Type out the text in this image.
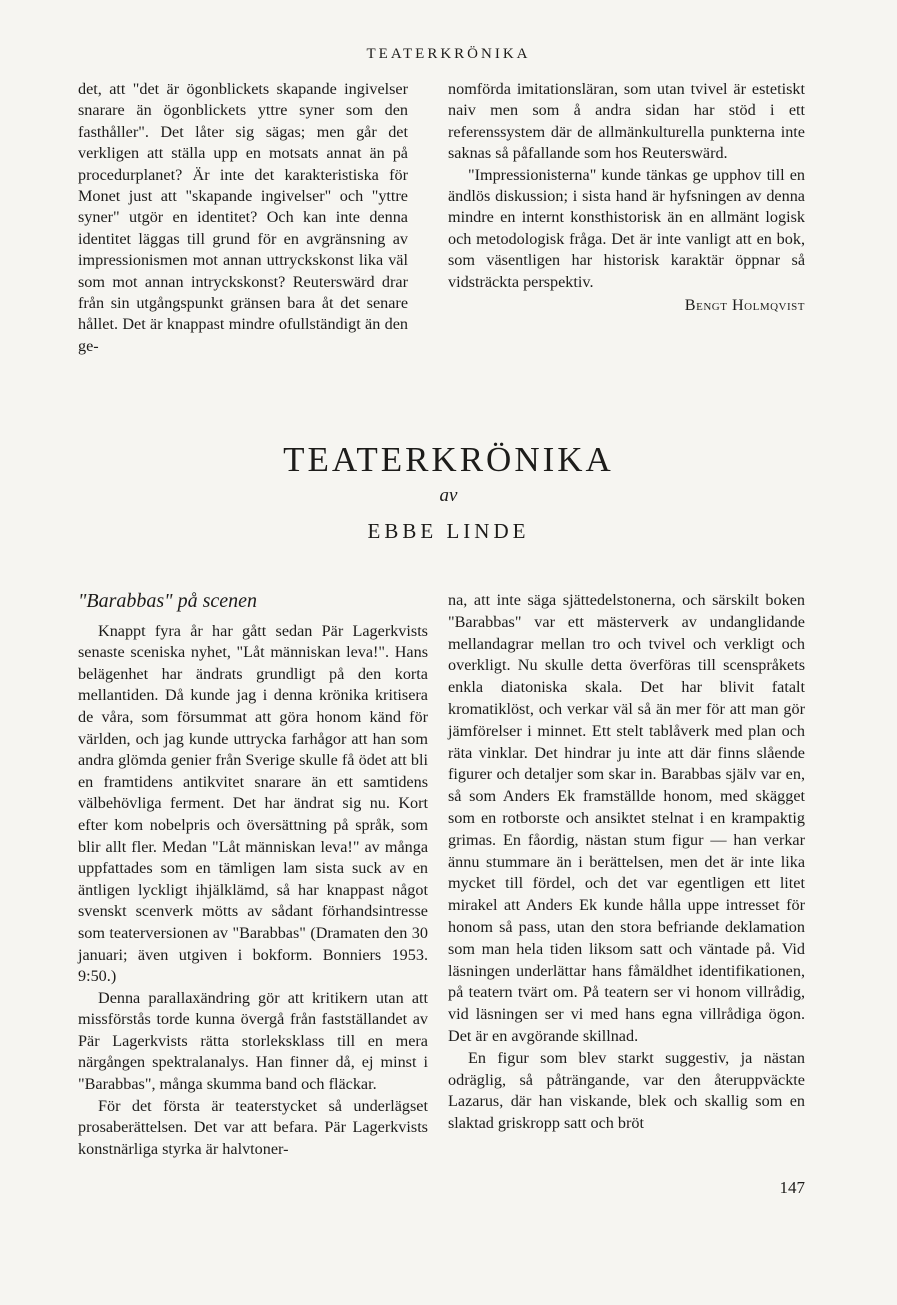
TEATERKRÖNIKA

det, att "det är ögonblickets skapande ingivelser snarare än ögonblickets yttre syner som den fasthåller". Det låter sig sägas; men går det verkligen att ställa upp en motsats annat än på procedurplanet? Är inte det karakteristiska för Monet just att "skapande ingivelser" och "yttre syner" utgör en identitet? Och kan inte denna identitet läggas till grund för en avgränsning av impressionismen mot annan uttryckskonst lika väl som mot annan intryckskonst? Reuterswärd drar från sin utgångspunkt gränsen bara åt det senare hållet. Det är knappast mindre ofullständigt än den ge-

nomförda imitationsläran, som utan tvivel är estetiskt naiv men som å andra sidan har stöd i ett referenssystem där de allmänkulturella punkterna inte saknas så påfallande som hos Reuterswärd.

"Impressionisterna" kunde tänkas ge upphov till en ändlös diskussion; i sista hand är hyfsningen av denna mindre en internt konsthistorisk än en allmänt logisk och metodologisk fråga. Det är inte vanligt att en bok, som väsentligen har historisk karaktär öppnar så vidsträckta perspektiv.

Bengt Holmqvist
TEATERKRÖNIKA
av
EBBE LINDE

"Barabbas" på scenen

Knappt fyra år har gått sedan Pär Lagerkvists senaste sceniska nyhet, "Låt människan leva!". Hans belägenhet har ändrats grundligt på den korta mellantiden. Då kunde jag i denna krönika kritisera de våra, som försummat att göra honom känd för världen, och jag kunde uttrycka farhågor att han som andra glömda genier från Sverige skulle få ödet att bli en framtidens antikvitet snarare än ett samtidens välbehövliga ferment. Det har ändrat sig nu. Kort efter kom nobelpris och översättning på språk, som blir allt fler. Medan "Låt människan leva!" av många uppfattades som en tämligen lam sista suck av en äntligen lyckligt ihjälklämd, så har knappast något svenskt scenverk mötts av sådant förhandsintresse som teaterversionen av "Barabbas" (Dramaten den 30 januari; även utgiven i bokform. Bonniers 1953. 9:50.)

Denna parallaxändring gör att kritikern utan att missförstås torde kunna övergå från fastställandet av Pär Lagerkvists rätta storleksklass till en mera närgången spektralanalys. Han finner då, ej minst i "Barabbas", många skumma band och fläckar.

För det första är teaterstycket så underlägset prosaberättelsen. Det var att befara. Pär Lagerkvists konstnärliga styrka är halvtoner-

na, att inte säga sjättedelstonerna, och särskilt boken "Barabbas" var ett mästerverk av undanglidande mellandagrar mellan tro och tvivel och verkligt och overkligt. Nu skulle detta överföras till scenspråkets enkla diatoniska skala. Det har blivit fatalt kromatiklöst, och verkar väl så än mer för att man gör jämförelser i minnet. Ett stelt tablåverk med plan och räta vinklar. Det hindrar ju inte att där finns slående figurer och detaljer som skar in. Barabbas själv var en, så som Anders Ek framställde honom, med skägget som en rotborste och ansiktet stelnat i en krampaktig grimas. En fåordig, nästan stum figur — han verkar ännu stummare än i berättelsen, men det är inte lika mycket till fördel, och det var egentligen ett litet mirakel att Anders Ek kunde hålla uppe intresset för honom så pass, utan den stora befriande deklamation som man hela tiden liksom satt och väntade på. Vid läsningen underlättar hans fåmäldhet identifikationen, på teatern tvärt om. På teatern ser vi honom villrådig, vid läsningen ser vi med hans egna villrådiga ögon. Det är en avgörande skillnad.

En figur som blev starkt suggestiv, ja nästan odräglig, så påträngande, var den återuppväckte Lazarus, där han viskande, blek och skallig som en slaktad griskropp satt och bröt

147
